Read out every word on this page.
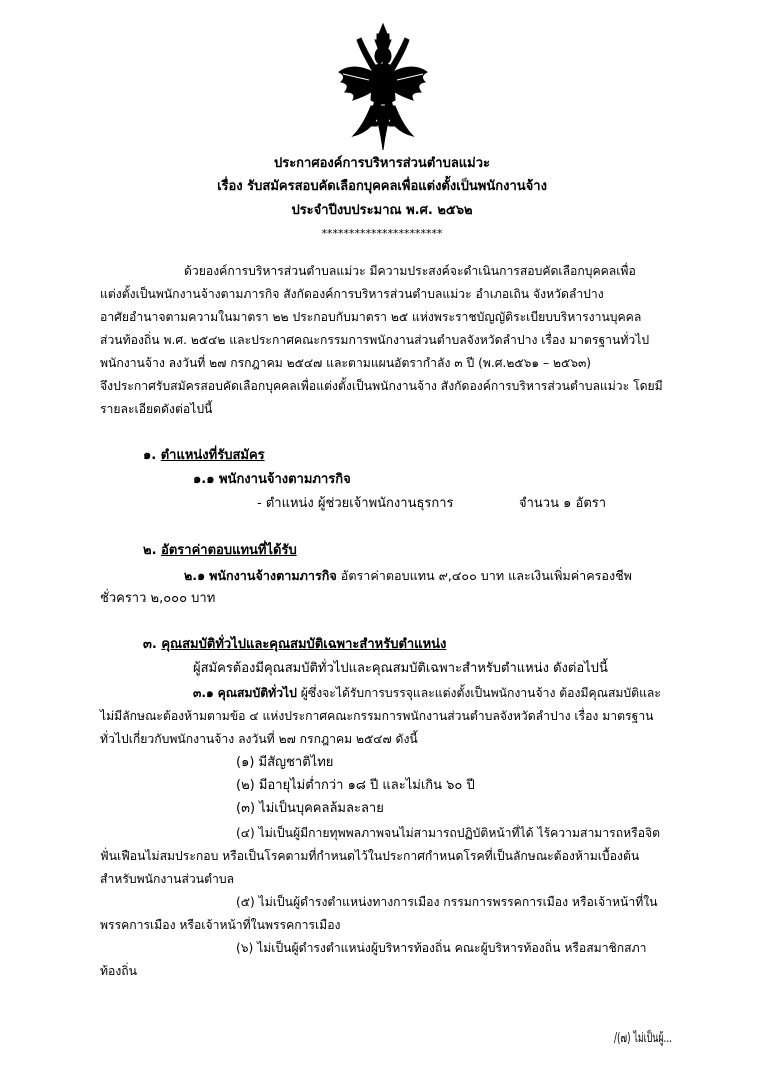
ประกาศองค์การบริหารส่วนตำบลแม่วะ
เรื่อง รับสมัครสอบคัดเลือกบุคคลเพื่อแต่งตั้งเป็นพนักงานจ้าง
ประจำปีงบประมาณ พ.ศ. ๒๕๖๒
**********************
ด้วยองค์การบริหารส่วนตำบลแม่วะ มีความประสงค์จะดำเนินการสอบคัดเลือกบุคคลเพื่อ
แต่งตั้งเป็นพนักงานจ้างตามภารกิจ สังกัดองค์การบริหารส่วนตำบลแม่วะ อำเภอเถิน จังหวัดลำปาง
อาศัยอำนาจตามความในมาตรา ๒๒ ประกอบกับมาตรา ๒๕ แห่งพระราชบัญญัติระเบียบบริหารงานบุคคล
ส่วนท้องถิ่น พ.ศ. ๒๕๔๒ และประกาศคณะกรรมการพนักงานส่วนตำบลจังหวัดลำปาง เรื่อง มาตรฐานทั่วไป
พนักงานจ้าง ลงวันที่ ๒๗ กรกฎาคม ๒๕๔๗ และตามแผนอัตรากำลัง ๓ ปี (พ.ศ.๒๕๖๑ – ๒๕๖๓)
จึงประกาศรับสมัครสอบคัดเลือกบุคคลเพื่อแต่งตั้งเป็นพนักงานจ้าง สังกัดองค์การบริหารส่วนตำบลแม่วะ โดยมี
รายละเอียดดังต่อไปนี้
๑. ตำแหน่งที่รับสมัคร
๑.๑ พนักงานจ้างตามภารกิจ
- ตำแหน่ง ผู้ช่วยเจ้าพนักงานธุรการ	จำนวน ๑ อัตรา
๒. อัตราค่าตอบแทนที่ได้รับ
๒.๑ พนักงานจ้างตามภารกิจ อัตราค่าตอบแทน ๙,๔๐๐ บาท และเงินเพิ่มค่าครองชีพ
ชั่วคราว ๒,๐๐๐ บาท
๓. คุณสมบัติทั่วไปและคุณสมบัติเฉพาะสำหรับตำแหน่ง
ผู้สมัครต้องมีคุณสมบัติทั่วไปและคุณสมบัติเฉพาะสำหรับตำแหน่ง ดังต่อไปนี้
๓.๑ คุณสมบัติทั่วไป ผู้ซึ่งจะได้รับการบรรจุและแต่งตั้งเป็นพนักงานจ้าง ต้องมีคุณสมบัติและ
ไม่มีลักษณะต้องห้ามตามข้อ ๔ แห่งประกาศคณะกรรมการพนักงานส่วนตำบลจังหวัดลำปาง เรื่อง มาตรฐาน
ทั่วไปเกี่ยวกับพนักงานจ้าง ลงวันที่ ๒๗ กรกฎาคม ๒๕๔๗ ดังนี้
(๑) มีสัญชาติไทย
(๒) มีอายุไม่ต่ำกว่า ๑๘ ปี และไม่เกิน ๖๐ ปี
(๓) ไม่เป็นบุคคลล้มละลาย
(๔) ไม่เป็นผู้มีกายทุพพลภาพจนไม่สามารถปฏิบัติหน้าที่ได้ ไร้ความสามารถหรือจิต
ฟั่นเฟือนไม่สมประกอบ หรือเป็นโรคตามที่กำหนดไว้ในประกาศกำหนดโรคที่เป็นลักษณะต้องห้ามเบื้องต้น
สำหรับพนักงานส่วนตำบล
(๕) ไม่เป็นผู้ดำรงตำแหน่งทางการเมือง กรรมการพรรคการเมือง หรือเจ้าหน้าที่ใน
พรรคการเมือง หรือเจ้าหน้าที่ในพรรคการเมือง
(๖) ไม่เป็นผู้ดำรงตำแหน่งผู้บริหารท้องถิ่น คณะผู้บริหารท้องถิ่น หรือสมาชิกสภา
ท้องถิ่น
/(๗) ไม่เป็นผู้...
